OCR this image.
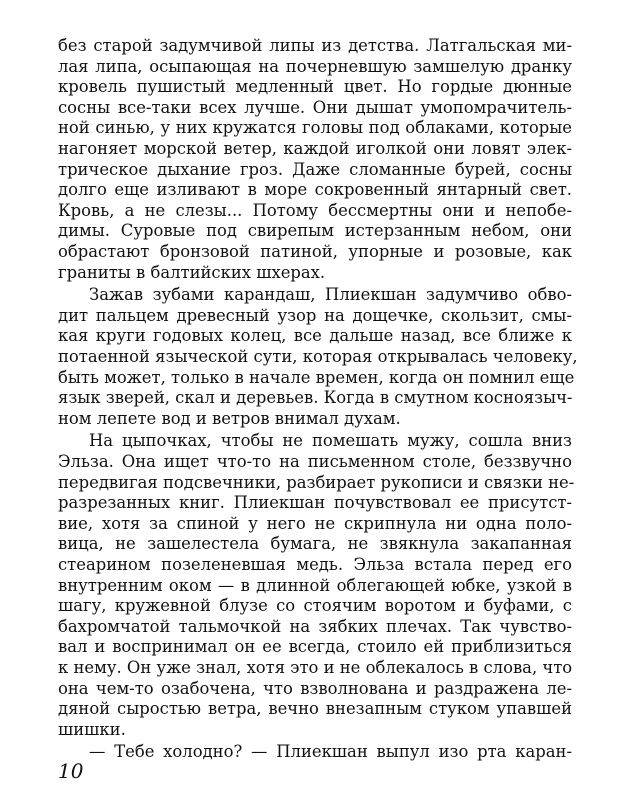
без старой задумчивой липы из детства. Латгальская ми-
лая липа, осыпающая на почерневшую замшелую дранку
кровель пушистый медленный цвет. Но гордые дюнные
сосны все-таки всех лучше. Они дышат умопомрачитель-
ной синью, у них кружатся головы под облаками, которые
нагоняет морской ветер, каждой иголкой они ловят элек-
трическое дыхание гроз. Даже сломанные бурей, сосны
долго еще изливают в море сокровенный янтарный свет.
Кровь, а не слезы... Потому бессмертны они и непобе-
димы. Суровые под свирепым истерзанным небом, они
обрастают бронзовой патиной, упорные и розовые, как
граниты в балтийских шхерах.
Зажав зубами карандаш, Плиекшан задумчиво обво-
дит пальцем древесный узор на дощечке, скользит, смы-
кая круги годовых колец, все дальше назад, все ближе к
потаенной языческой сути, которая открывалась человеку,
быть может, только в начале времен, когда он помнил еще
язык зверей, скал и деревьев. Когда в смутном косноязыч-
ном лепете вод и ветров внимал духам.
На цыпочках, чтобы не помешать мужу, сошла вниз
Эльза. Она ищет что-то на письменном столе, беззвучно
передвигая подсвечники, разбирает рукописи и связки не-
разрезанных книг. Плиекшан почувствовал ее присутст-
вие, хотя за спиной у него не скрипнула ни одна поло-
вица, не зашелестела бумага, не звякнула закапанная
стеарином позеленевшая медь. Эльза встала перед его
внутренним оком — в длинной облегающей юбке, узкой в
шагу, кружевной блузе со стоячим воротом и буфами, с
бахромчатой тальмочкой на зябких плечах. Так чувство-
вал и воспринимал он ее всегда, стоило ей приблизиться
к нему. Он уже знал, хотя это и не облекалось в слова, что
она чем-то озабочена, что взволнована и раздражена ле-
дяной сыростью ветра, вечно внезапным стуком упавшей
шишки.
— Тебе холодно? — Плиекшан выпул изо рта каран-
10
